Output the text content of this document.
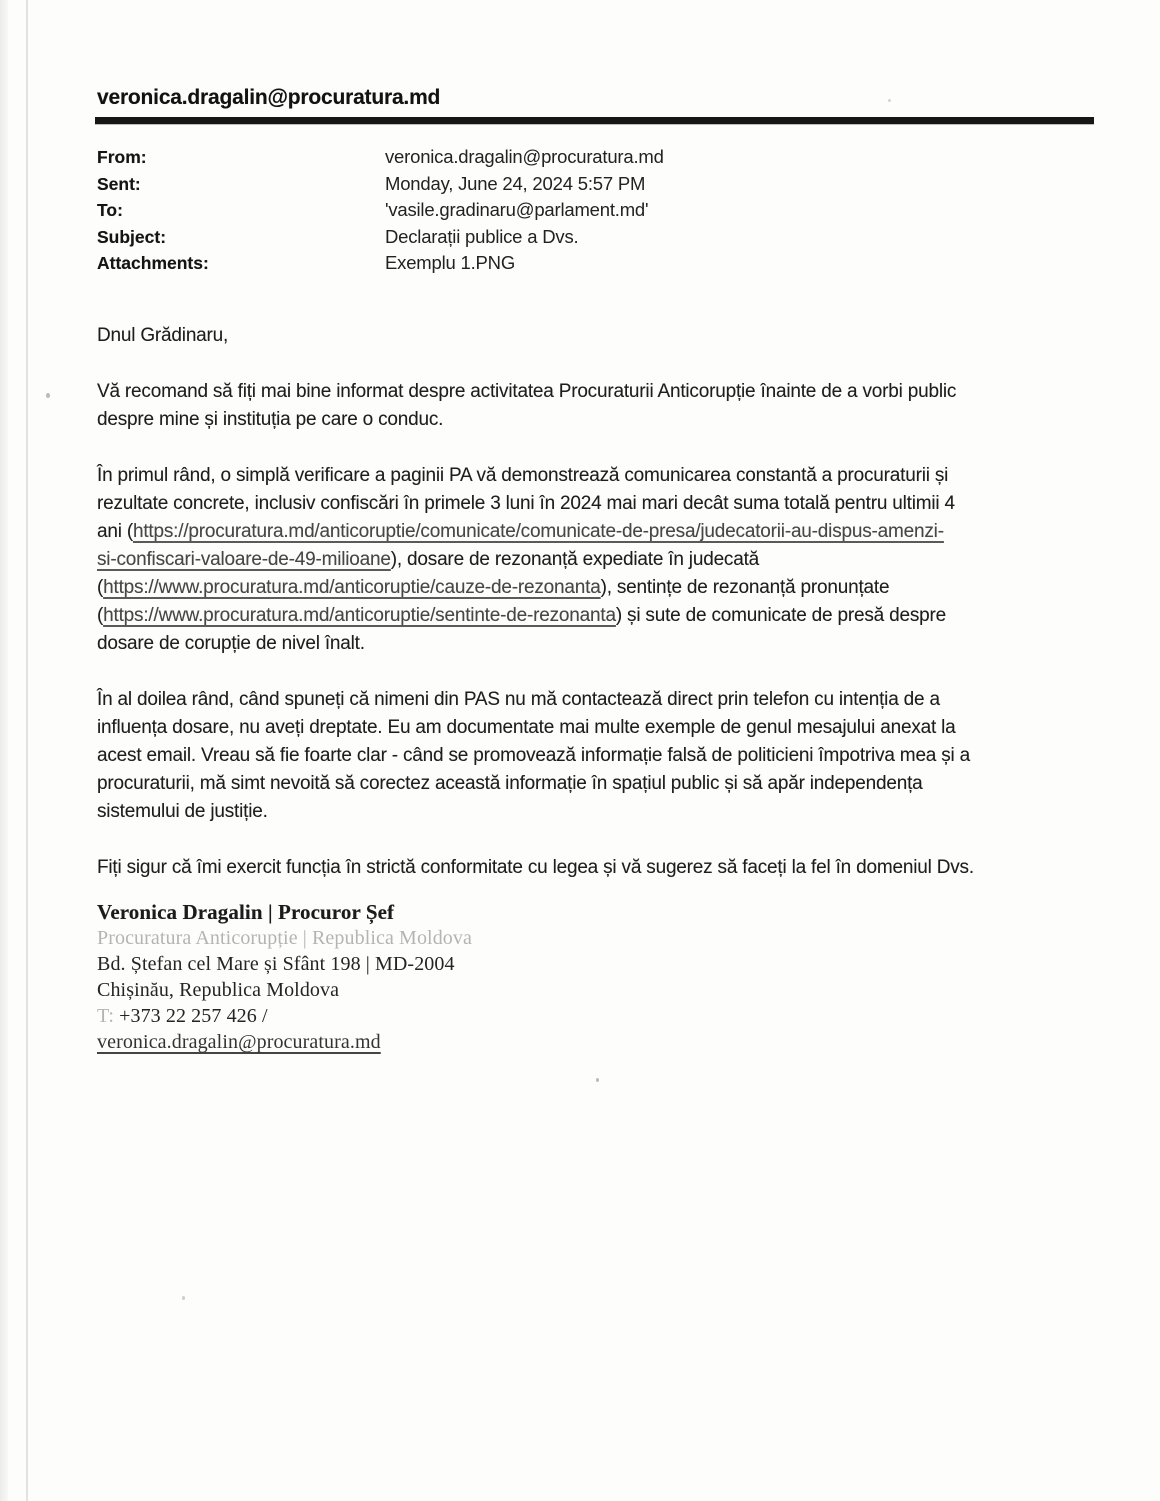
veronica.dragalin@procuratura.md
From:	veronica.dragalin@procuratura.md
Sent:	Monday, June 24, 2024 5:57 PM
To:	'vasile.gradinaru@parlament.md'
Subject:	Declarații publice a Dvs.
Attachments:	Exemplu 1.PNG
Dnul Grădinaru,
Vă recomand să fiți mai bine informat despre activitatea Procuraturii Anticorupție înainte de a vorbi public
despre mine și instituția pe care o conduc.
În primul rând, o simplă verificare a paginii PA vă demonstrează comunicarea constantă a procuraturii și
rezultate concrete, inclusiv confiscări în primele 3 luni în 2024 mai mari decât suma totală pentru ultimii 4
ani (https://procuratura.md/anticoruptie/comunicate/comunicate-de-presa/judecatorii-au-dispus-amenzi-
si-confiscari-valoare-de-49-milioane), dosare de rezonanță expediate în judecată
(https://www.procuratura.md/anticoruptie/cauze-de-rezonanta), sentințe de rezonanță pronunțate
(https://www.procuratura.md/anticoruptie/sentinte-de-rezonanta) și sute de comunicate de presă despre
dosare de corupție de nivel înalt.
În al doilea rând, când spuneți că nimeni din PAS nu mă contactează direct prin telefon cu intenția de a
influența dosare, nu aveți dreptate. Eu am documentate mai multe exemple de genul mesajului anexat la
acest email. Vreau să fie foarte clar - când se promovează informație falsă de politicieni împotriva mea și a
procuraturii, mă simt nevoită să corectez această informație în spațiul public și să apăr independența
sistemului de justiție.
Fiți sigur că îmi exercit funcția în strictă conformitate cu legea și vă sugerez să faceți la fel în domeniul Dvs.
Veronica Dragalin | Procuror Șef
Procuratura Anticorupție | Republica Moldova
Bd. Ștefan cel Mare și Sfânt 198 | MD-2004
Chișinău, Republica Moldova
T: +373 22 257 426 /
veronica.dragalin@procuratura.md
